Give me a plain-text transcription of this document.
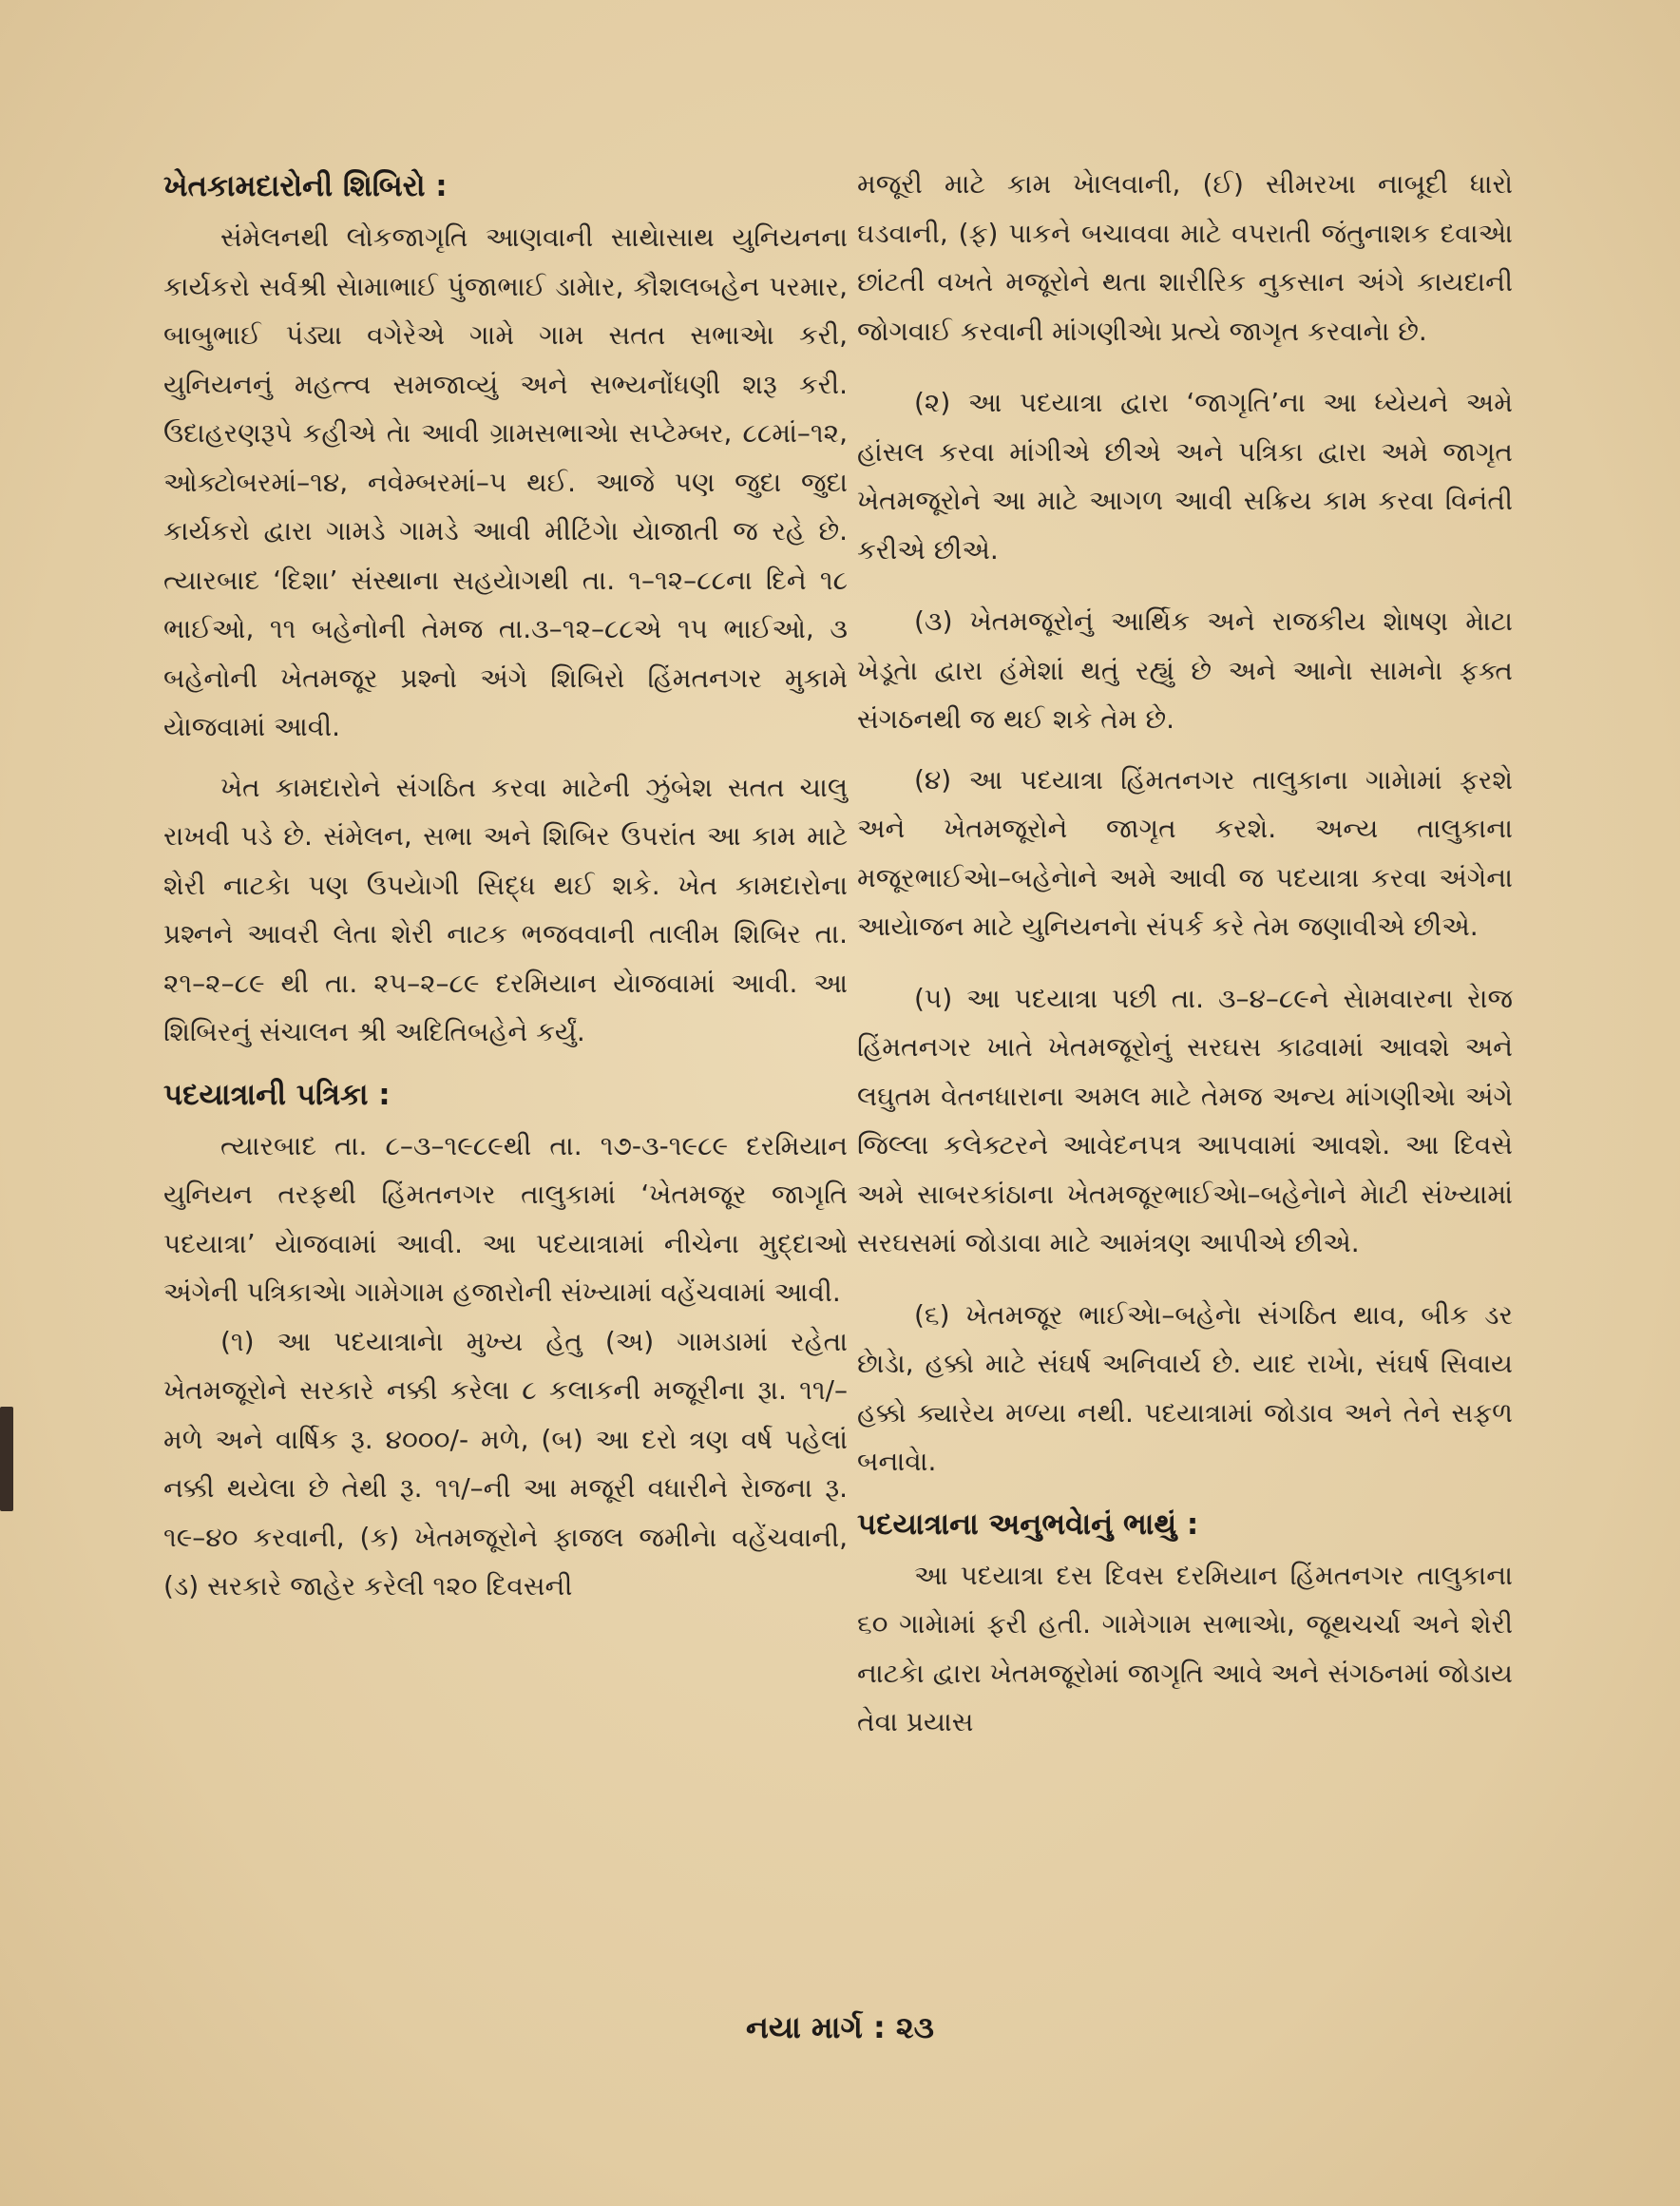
ખેતકામદારોની શિબિરો :

સંમેલનથી લોકજાગૃતિ આણવાની સાથેાસાથ યુનિયનના કાર્યકરો સર્વશ્રી સેામાભાઈ પુંજાભાઈ ડામેાર, કૌશલબહેન પરમાર, બાબુભાઈ પંડ્યા વગેરેએ ગામે ગામ સતત સભાએા કરી, યુનિયનનું મહત્ત્વ સમજાવ્યું અને સભ્યનોંધણી શરૂ કરી. ઉદાહરણરૂપે કહીએ તેા આવી ગ્રામસભાએા સપ્ટેમ્બર, ૮૮માં–૧૨, ઓક્ટોબરમાં–૧૪, નવેમ્બરમાં–૫ થઈ. આજે પણ જુદા જુદા કાર્યકરો દ્વારા ગામડે ગામડે આવી મીટિંગેા યેાજાતી જ રહે છે. ત્યારબાદ ‘દિશા’ સંસ્થાના સહયેાગથી તા. ૧–૧૨–૮૮ના દિને ૧૮ ભાઈઓ, ૧૧ બહેનોની તેમજ તા.૩–૧૨–૮૮એ ૧૫ ભાઈઓ, ૩ બહેનોની ખેતમજૂર પ્રશ્નો અંગે શિબિરો હિંમતનગર મુકામે યેાજવામાં આવી.

ખેત કામદારોને સંગઠિત કરવા માટેની ઝુંબેશ સતત ચાલુ રાખવી પડે છે. સંમેલન, સભા અને શિબિર ઉપરાંત આ કામ માટે શેરી નાટકેા પણ ઉપયેાગી સિદ્ધ થઈ શકે. ખેત કામદારોના પ્રશ્નને આવરી લેતા શેરી નાટક ભજવવાની તાલીમ શિબિર તા. ૨૧–૨–૮૯ થી તા. ૨૫–૨–૮૯ દરમિયાન યેાજવામાં આવી. આ શિબિરનું સંચાલન શ્રી અદિતિબહેને કર્યું.

પદયાત્રાની પત્રિકા :

ત્યારબાદ તા. ૮–૩–૧૯૮૯થી તા. ૧૭-૩-૧૯૮૯ દરમિયાન યુનિયન તરફથી હિંમતનગર તાલુકામાં ‘ખેતમજૂર જાગૃતિ પદયાત્રા’ યેાજવામાં આવી. આ પદયાત્રામાં નીચેના મુદ્દાઓ અંગેની પત્રિકાએા ગામેગામ હજારોની સંખ્યામાં વહેંચવામાં આવી.

(૧) આ પદયાત્રાનેા મુખ્ય હેતુ (અ) ગામડામાં રહેતા ખેતમજૂરોને સરકારે નક્કી કરેલા ૮ કલાકની મજૂરીના રૂા. ૧૧/– મળે અને વાર્ષિક રૂ. ૪૦૦૦/- મળે, (બ) આ દરો ત્રણ વર્ષ પહેલાં નક્કી થયેલા છે તેથી રૂ. ૧૧/–ની આ મજૂરી વધારીને રેાજના રૂ. ૧૯–૪૦ કરવાની, (ક) ખેતમજૂરોને ફાજલ જમીનેા વહેંચવાની, (ડ) સરકારે જાહેર કરેલી ૧૨૦ દિવસની

મજૂરી માટે કામ ખેાલવાની, (ઈ) સીમરખા નાબૂદી ધારો ઘડવાની, (ફ) પાકને બચાવવા માટે વપરાતી જંતુનાશક દવાએા છાંટતી વખતે મજૂરોને થતા શારીરિક નુકસાન અંગે કાયદાની જોગવાઈ કરવાની માંગણીએા પ્રત્યે જાગૃત કરવાનેા છે.

(૨) આ પદયાત્રા દ્વારા ‘જાગૃતિ’ના આ ધ્યેયને અમે હાંસલ કરવા માંગીએ છીએ અને પત્રિકા દ્વારા અમે જાગૃત ખેતમજૂરોને આ માટે આગળ આવી સક્રિય કામ કરવા વિનંતી કરીએ છીએ.

(૩) ખેતમજૂરોનું આર્થિક અને રાજકીય શેાષણ મેાટા ખેડૂતેા દ્વારા હંમેશાં થતું રહ્યું છે અને આનેા સામનેા ફક્ત સંગઠનથી જ થઈ શકે તેમ છે.

(૪) આ પદયાત્રા હિંમતનગર તાલુકાના ગામેામાં ફરશે અને ખેતમજૂરોને જાગૃત કરશે. અન્ય તાલુકાના મજૂરભાઈએા–બહેનેાને અમે આવી જ પદયાત્રા કરવા અંગેના આયેાજન માટે યુનિયનનેા સંપર્ક કરે તેમ જણાવીએ છીએ.

(૫) આ પદયાત્રા પછી તા. ૩–૪–૮૯ને સેામવારના રેાજ હિંમતનગર ખાતે ખેતમજૂરોનું સરઘસ કાઢવામાં આવશે અને લઘુતમ વેતનધારાના અમલ માટે તેમજ અન્ય માંગણીએા અંગે જિલ્લા કલેક્ટરને આવેદનપત્ર આપવામાં આવશે. આ દિવસે અમે સાબરકાંઠાના ખેતમજૂરભાઈએા–બહેનેાને મેાટી સંખ્યામાં સરઘસમાં જોડાવા માટે આમંત્રણ આપીએ છીએ.

(૬) ખેતમજૂર ભાઈએા–બહેનેા સંગઠિત થાવ, બીક ડર છેાડેા, હક્કો માટે સંઘર્ષ અનિવાર્ય છે. યાદ રાખેા, સંઘર્ષ સિવાય હક્કો ક્યારેય મળ્યા નથી. પદયાત્રામાં જોડાવ અને તેને સફળ બનાવેા.

પદયાત્રાના અનુભવેાનું ભાથું :

આ પદયાત્રા દસ દિવસ દરમિયાન હિંમતનગર તાલુકાના ૬૦ ગામેામાં ફરી હતી. ગામેગામ સભાએા, જૂથચર્ચા અને શેરી નાટકેા દ્વારા ખેતમજૂરોમાં જાગૃતિ આવે અને સંગઠનમાં જોડાય તેવા પ્રયાસ

નયા માર્ગ : ૨૩
